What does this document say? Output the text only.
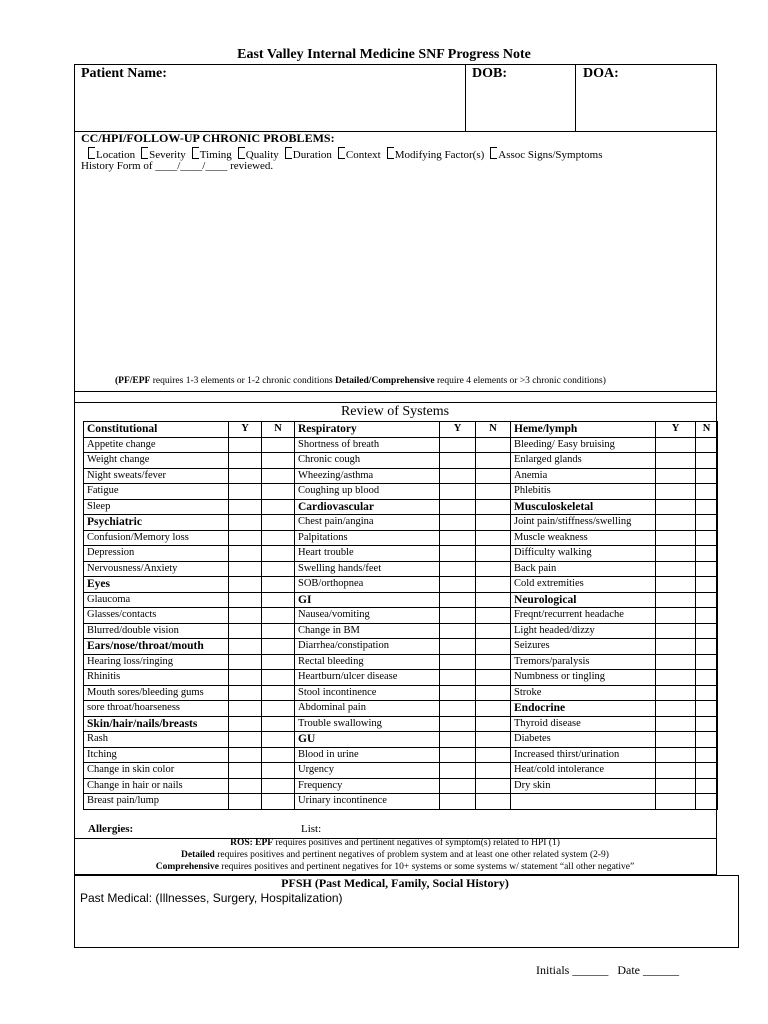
East Valley Internal Medicine SNF Progress Note
Patient Name:	DOB:	DOA:
CC/HPI/FOLLOW-UP CHRONIC PROBLEMS:
Location Severity Timing Quality Duration Context Modifying Factor(s) Assoc Signs/Symptoms
History Form of ____/____/____ reviewed.
(PF/EPF requires 1-3 elements or 1-2 chronic conditions Detailed/Comprehensive require 4 elements or >3 chronic conditions)
Review of Systems
Constitutional	Y	N	Respiratory	Y	N	Heme/lymph	Y	N
Appetite change			Shortness of breath			Bleeding/ Easy bruising		
Weight change			Chronic cough			Enlarged glands		
Night sweats/fever			Wheezing/asthma			Anemia		
Fatigue			Coughing up blood			Phlebitis		
Sleep			Cardiovascular			Musculoskeletal		
Psychiatric			Chest pain/angina			Joint pain/stiffness/swelling		
Confusion/Memory loss			Palpitations			Muscle weakness		
Depression			Heart trouble			Difficulty walking		
Nervousness/Anxiety			Swelling hands/feet			Back pain		
Eyes			SOB/orthopnea			Cold extremities		
Glaucoma			GI			Neurological		
Glasses/contacts			Nausea/vomiting			Freqnt/recurrent headache		
Blurred/double vision			Change in BM			Light headed/dizzy		
Ears/nose/throat/mouth			Diarrhea/constipation			Seizures		
Hearing loss/ringing			Rectal bleeding			Tremors/paralysis		
Rhinitis			Heartburn/ulcer disease			Numbness or tingling		
Mouth sores/bleeding gums			Stool incontinence			Stroke		
sore throat/hoarseness			Abdominal pain			Endocrine		
Skin/hair/nails/breasts			Trouble swallowing			Thyroid disease		
Rash			GU			Diabetes		
Itching			Blood in urine			Increased thirst/urination		
Change in skin color			Urgency			Heat/cold intolerance		
Change in hair or nails			Frequency			Dry skin		
Breast pain/lump			Urinary incontinence					
Allergies:	List:
ROS: EPF requires positives and pertinent negatives of symptom(s) related to HPI (1)
Detailed requires positives and pertinent negatives of problem system and at least one other related system (2-9)
Comprehensive requires positives and pertinent negatives for 10+ systems or some systems w/ statement “all other negative”
PFSH (Past Medical, Family, Social History)
Past Medical: (Illnesses, Surgery, Hospitalization)
Initials ______ Date ______
